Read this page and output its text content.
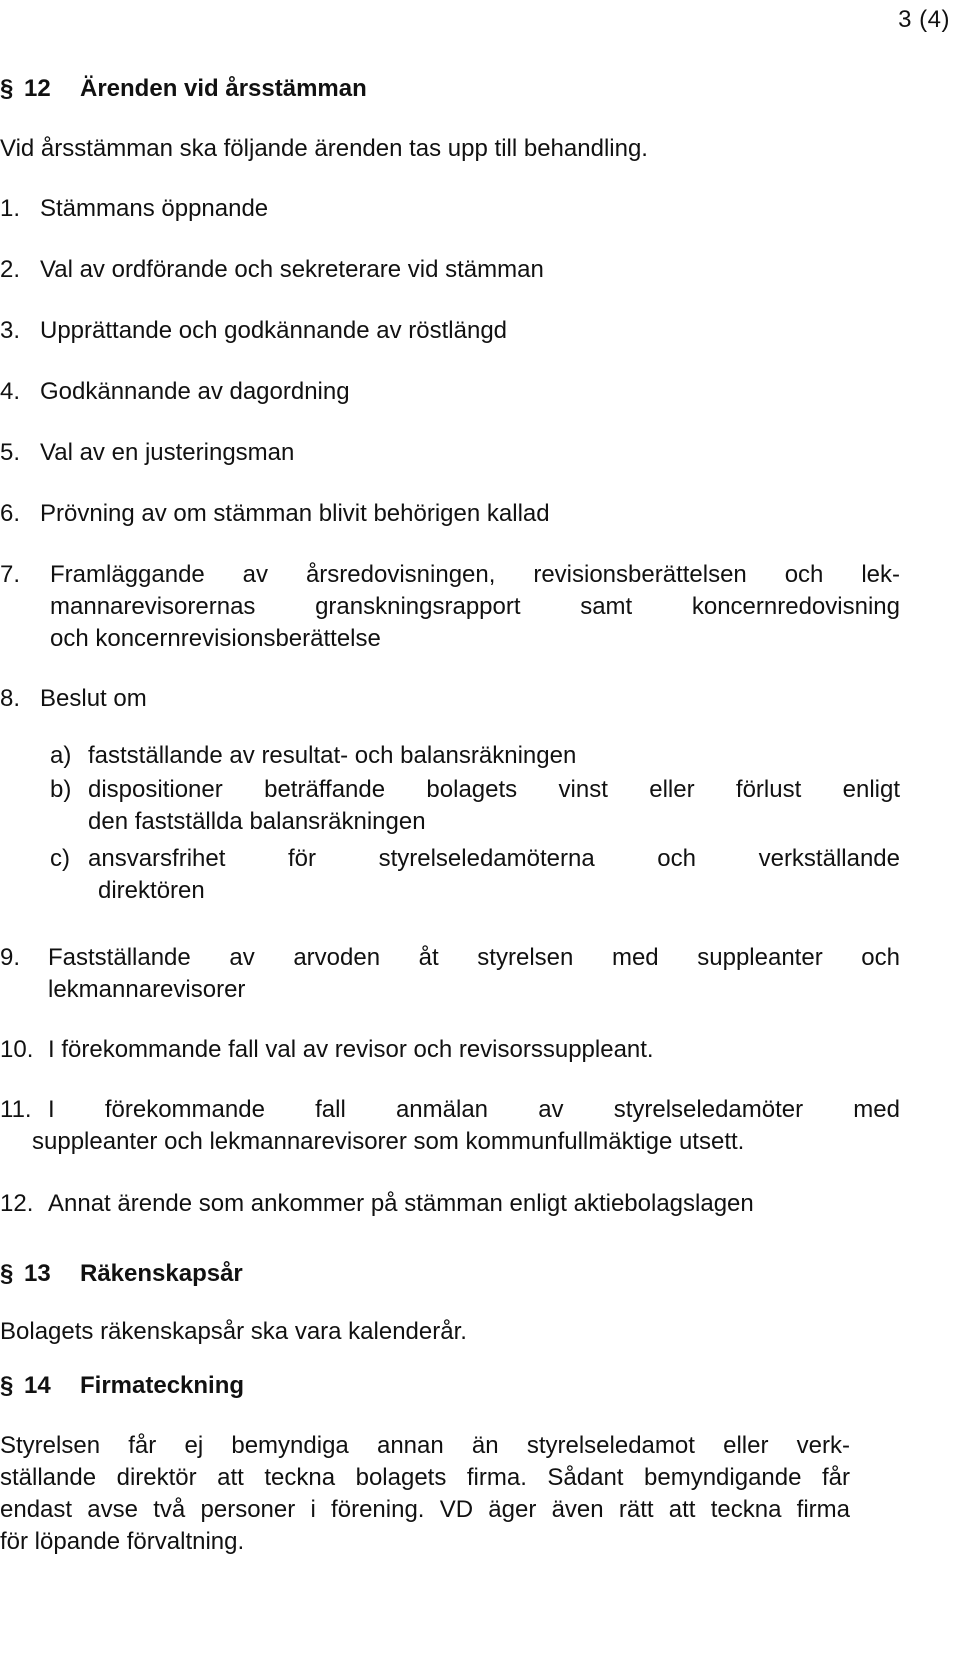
3 (4)
§ 12	Ärenden vid årsstämman

Vid årsstämman ska följande ärenden tas upp till behandling.

1. Stämmans öppnande
2. Val av ordförande och sekreterare vid stämman
3. Upprättande och godkännande av röstlängd
4. Godkännande av dagordning
5. Val av en justeringsman
6. Prövning av om stämman blivit behörigen kallad
7.	Framläggande av årsredovisningen, revisionsberättelsen och lek-
mannarevisorernas granskningsrapport samt koncernredovisning
och koncernrevisionsberättelse
8. Beslut om
a) fastställande av resultat- och balansräkningen
b) dispositioner beträffande bolagets vinst eller förlust enligt
den fastställda balansräkningen
c) ansvarsfrihet för styrelseledamöterna och verkställande
direktören
9.	Fastställande av arvoden åt styrelsen med suppleanter och
lekmannarevisorer
10. I förekommande fall val av revisor och revisorssuppleant.
11. I förekommande fall anmälan av styrelseledamöter med
suppleanter och lekmannarevisorer som kommunfullmäktige utsett.
12. Annat ärende som ankommer på stämman enligt aktiebolagslagen
§ 13	Räkenskapsår

Bolagets räkenskapsår ska vara kalenderår.

§ 14	Firmateckning
Styrelsen får ej bemyndiga annan än styrelseledamot eller verk-
ställande direktör att teckna bolagets firma. Sådant bemyndigande får
endast avse två personer i förening. VD äger även rätt att teckna firma
för löpande förvaltning.
